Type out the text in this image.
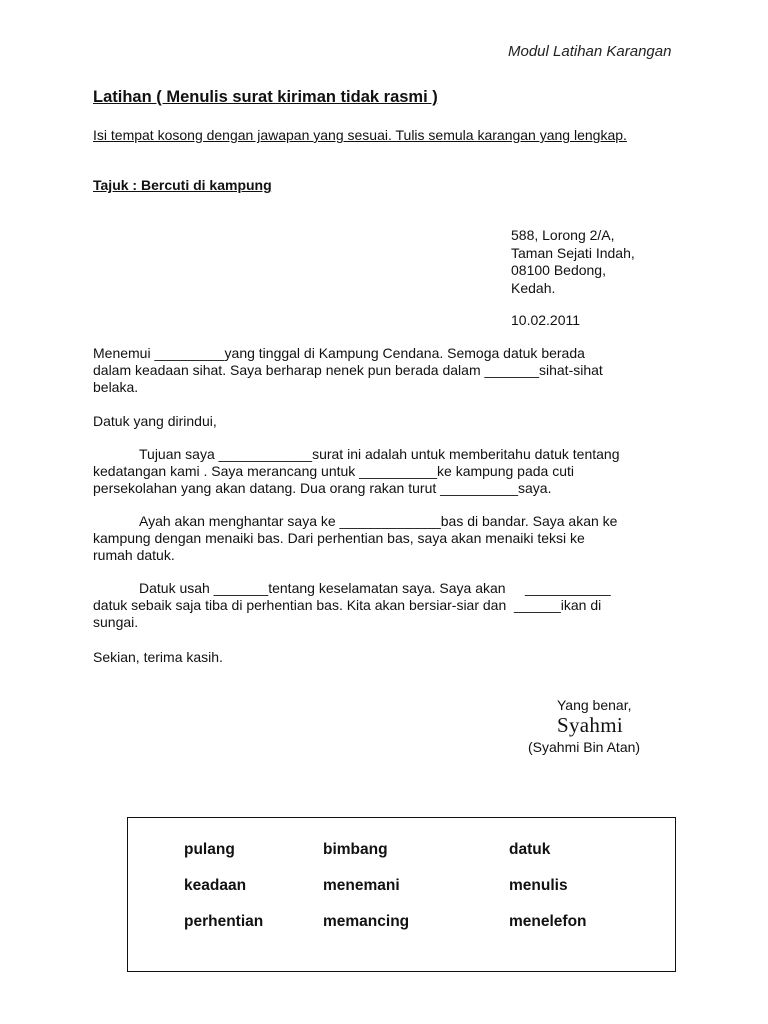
Modul Latihan Karangan
Latihan ( Menulis surat kiriman tidak rasmi )
Isi tempat kosong dengan jawapan yang sesuai. Tulis semula karangan yang lengkap.
Tajuk : Bercuti di kampung
588, Lorong 2/A,
Taman Sejati Indah,
08100 Bedong,
Kedah.
10.02.2011
Menemui _________yang tinggal di Kampung Cendana. Semoga datuk berada
dalam keadaan sihat. Saya berharap nenek pun berada dalam _______sihat-sihat
belaka.
Datuk yang dirindui,
Tujuan saya ____________surat ini adalah untuk memberitahu datuk tentang
kedatangan kami . Saya merancang untuk __________ke kampung pada cuti
persekolahan yang akan datang. Dua orang rakan turut __________saya.
Ayah akan menghantar saya ke _____________bas di bandar. Saya akan ke
kampung dengan menaiki bas. Dari perhentian bas, saya akan menaiki teksi ke
rumah datuk.
Datuk usah _______tentang keselamatan saya. Saya akan     ___________
datuk sebaik saja tiba di perhentian bas. Kita akan bersiar-siar dan  ______ikan di
sungai.
Sekian, terima kasih.
Yang benar,
Syahmi
(Syahmi Bin Atan)
pulang	bimbang	datuk
keadaan	menemani	menulis
perhentian	memancing	menelefon
